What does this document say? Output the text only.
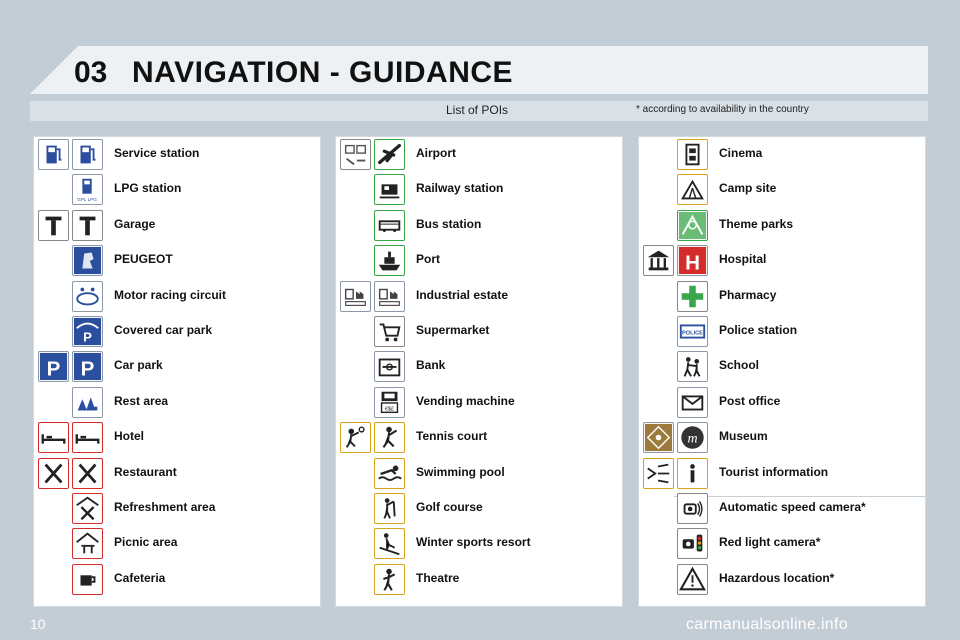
03 NAVIGATION - GUIDANCE
List of POIs	* according to availability in the country
Service station
GPL LPG
LPG station
Garage
PEUGEOT
Motor racing circuit
P Covered car park
P P Car park
Rest area
Hotel
Restaurant
Refreshment area
Picnic area
Cafeteria
Airport
Railway station
Bus station
Port
Industrial estate
Supermarket
Bank
€$£
Vending machine
Tennis court
Swimming pool
Golf course
Winter sports resort
Theatre
Cinema
Camp site
Theme parks
H Hospital
Pharmacy
POLICE Police station
School
Post office
m Museum
Tourist information
Automatic speed camera*
Red light camera*
Hazardous location*
10	carmanualsonline.info
